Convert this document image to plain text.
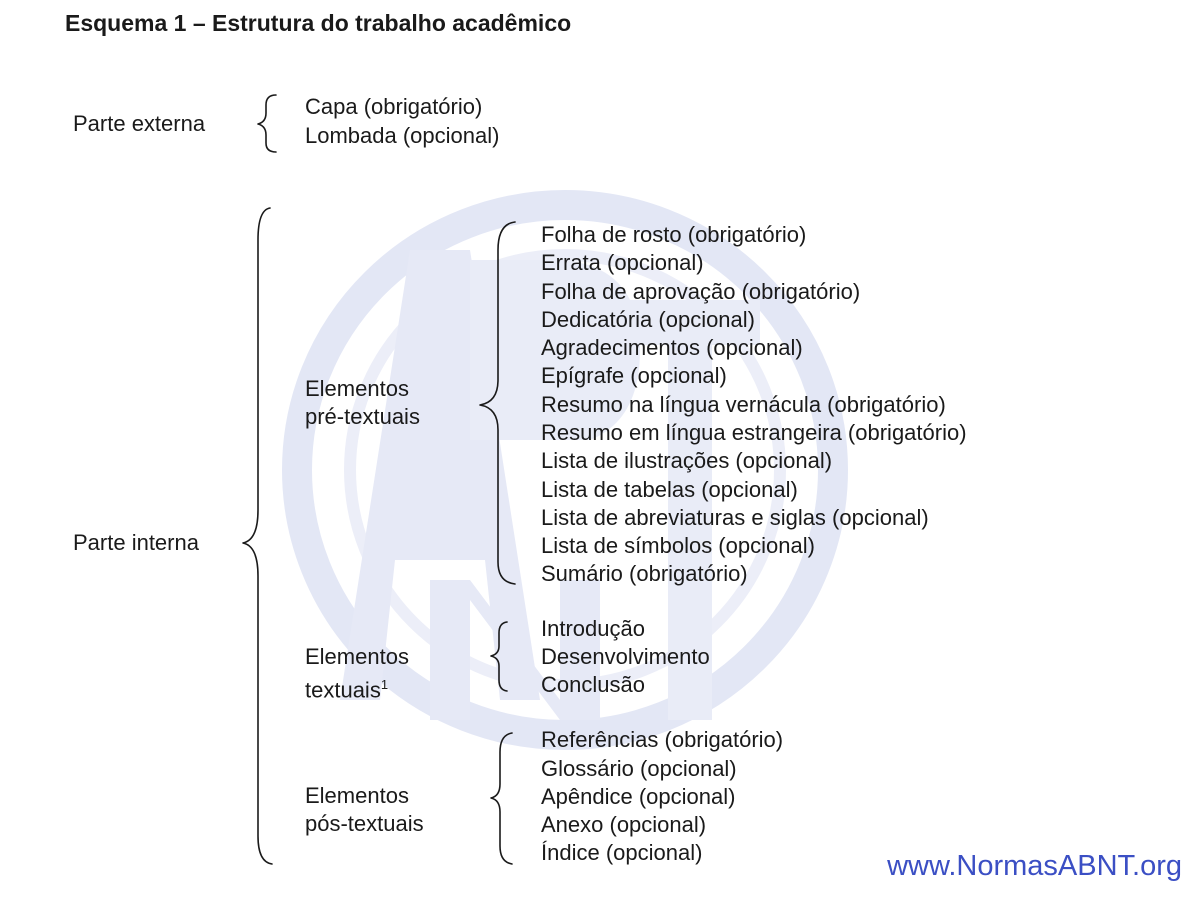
Esquema 1 – Estrutura do trabalho acadêmico
Parte externa
Capa (obrigatório)
Lombada (opcional)
Parte interna
Elementos
pré-textuais
Folha de rosto (obrigatório)
Errata (opcional)
Folha de aprovação (obrigatório)
Dedicatória (opcional)
Agradecimentos (opcional)
Epígrafe (opcional)
Resumo na língua vernácula (obrigatório)
Resumo em língua estrangeira (obrigatório)
Lista de ilustrações (opcional)
Lista de tabelas (opcional)
Lista de abreviaturas e siglas (opcional)
Lista de símbolos (opcional)
Sumário (obrigatório)
Elementos
textuais$^1$
Introdução
Desenvolvimento
Conclusão
Elementos
pós-textuais
Referências (obrigatório)
Glossário (opcional)
Apêndice (opcional)
Anexo (opcional)
Índice (opcional)	www.NormasABNT.org
